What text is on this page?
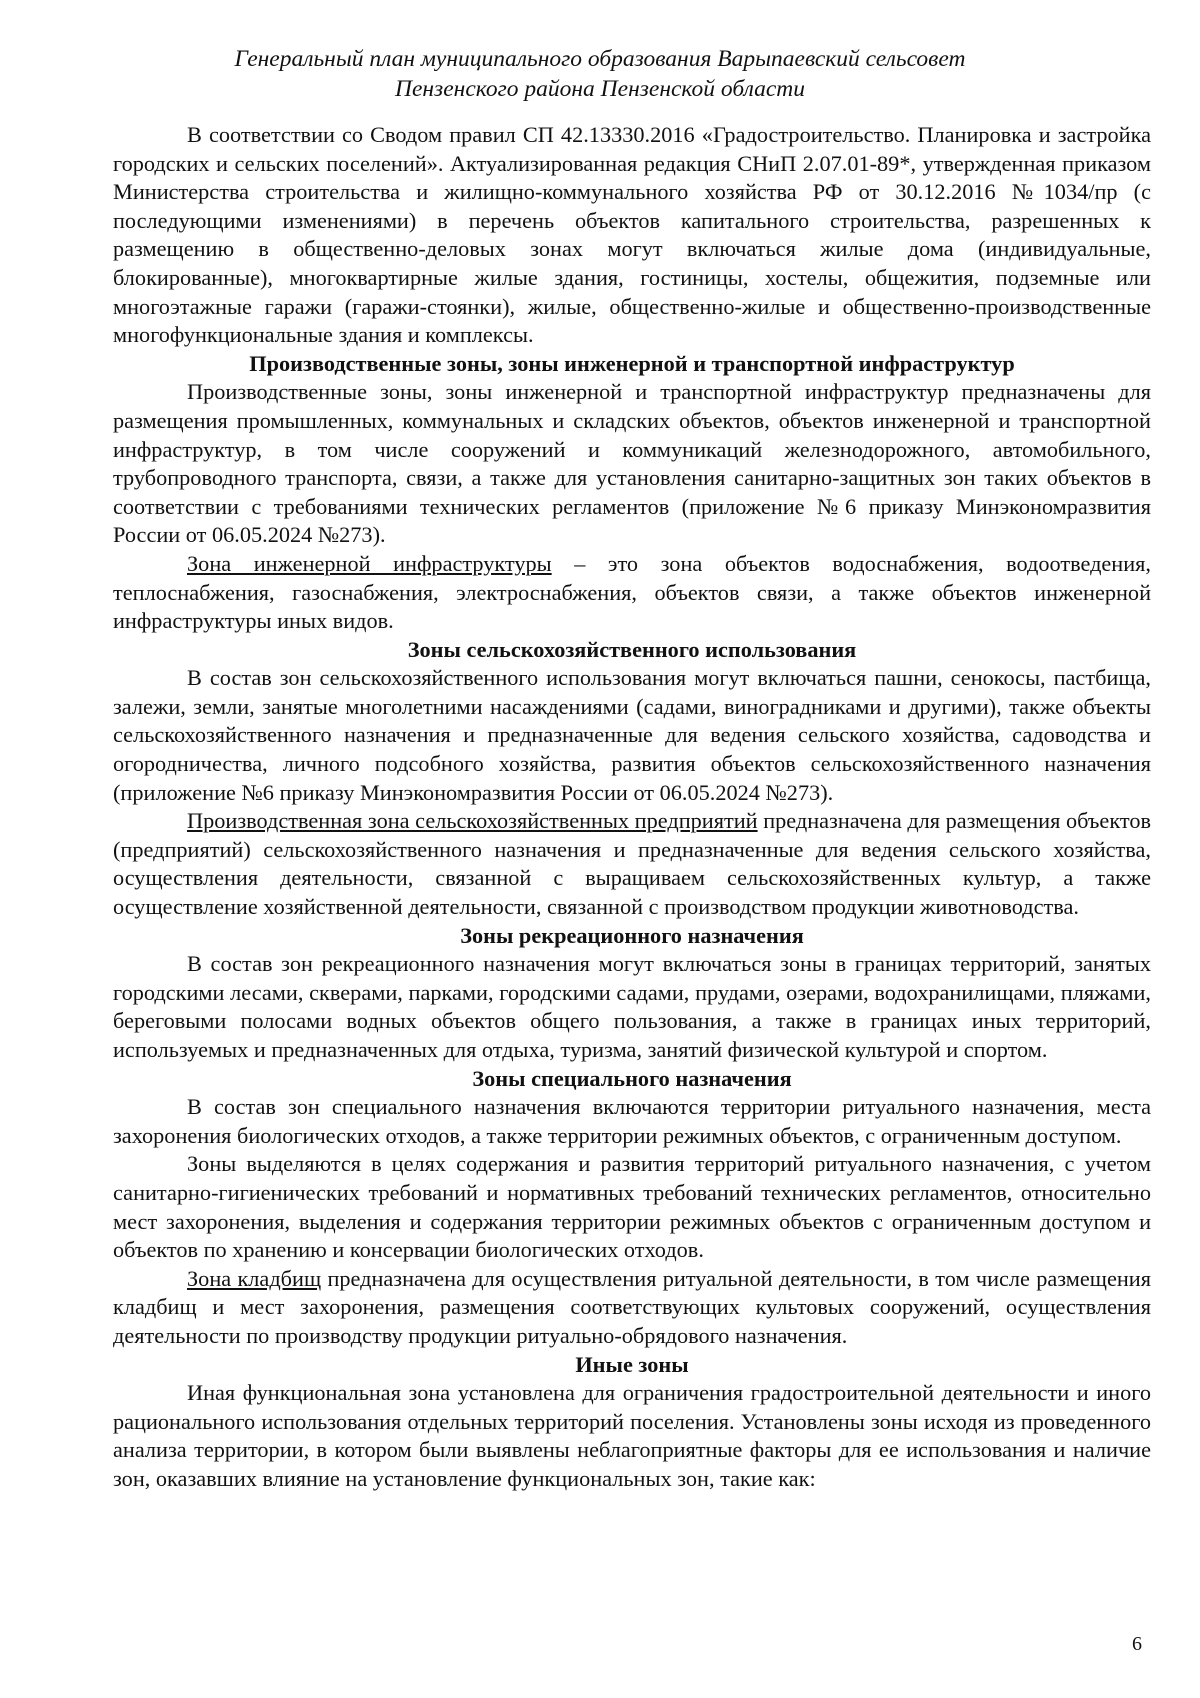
Генеральный план муниципального образования Варыпаевский сельсовет
Пензенского района Пензенской области

В соответствии со Сводом правил СП 42.13330.2016 «Градостроительство. Планировка и застройка городских и сельских поселений». Актуализированная редакция СНиП 2.07.01-89*, утвержденная приказом Министерства строительства и жилищно-коммунального хозяйства РФ от 30.12.2016 №1034/пр (с последующими изменениями) в перечень объектов капитального строительства, разрешенных к размещению в общественно-деловых зонах могут включаться жилые дома (индивидуальные, блокированные), многоквартирные жилые здания, гостиницы, хостелы, общежития, подземные или многоэтажные гаражи (гаражи-стоянки), жилые, общественно-жилые и общественно-производственные многофункциональные здания и комплексы.

Производственные зоны, зоны инженерной и транспортной инфраструктур

Производственные зоны, зоны инженерной и транспортной инфраструктур предназначены для размещения промышленных, коммунальных и складских объектов, объектов инженерной и транспортной инфраструктур, в том числе сооружений и коммуникаций железнодорожного, автомобильного, трубопроводного транспорта, связи, а также для установления санитарно-защитных зон таких объектов в соответствии с требованиями технических регламентов (приложение №6 приказу Минэкономразвития России от 06.05.2024 №273).

Зона инженерной инфраструктуры – это зона объектов водоснабжения, водоотведения, теплоснабжения, газоснабжения, электроснабжения, объектов связи, а также объектов инженерной инфраструктуры иных видов.

Зоны сельскохозяйственного использования

В состав зон сельскохозяйственного использования могут включаться пашни, сенокосы, пастбища, залежи, земли, занятые многолетними насаждениями (садами, виноградниками и другими), также объекты сельскохозяйственного назначения и предназначенные для ведения сельского хозяйства, садоводства и огородничества, личного подсобного хозяйства, развития объектов сельскохозяйственного назначения (приложение №6 приказу Минэкономразвития России от 06.05.2024 №273).

Производственная зона сельскохозяйственных предприятий предназначена для размещения объектов (предприятий) сельскохозяйственного назначения и предназначенные для ведения сельского хозяйства, осуществления деятельности, связанной с выращиваем сельскохозяйственных культур, а также осуществление хозяйственной деятельности, связанной с производством продукции животноводства.

Зоны рекреационного назначения

В состав зон рекреационного назначения могут включаться зоны в границах территорий, занятых городскими лесами, скверами, парками, городскими садами, прудами, озерами, водохранилищами, пляжами, береговыми полосами водных объектов общего пользования, а также в границах иных территорий, используемых и предназначенных для отдыха, туризма, занятий физической культурой и спортом.

Зоны специального назначения

В состав зон специального назначения включаются территории ритуального назначения, места захоронения биологических отходов, а также территории режимных объектов, с ограниченным доступом.

Зоны выделяются в целях содержания и развития территорий ритуального назначения, с учетом санитарно-гигиенических требований и нормативных требований технических регламентов, относительно мест захоронения, выделения и содержания территории режимных объектов с ограниченным доступом и объектов по хранению и консервации биологических отходов.

Зона кладбищ предназначена для осуществления ритуальной деятельности, в том числе размещения кладбищ и мест захоронения, размещения соответствующих культовых сооружений, осуществления деятельности по производству продукции ритуально-обрядового назначения.

Иные зоны

Иная функциональная зона установлена для ограничения градостроительной деятельности и иного рационального использования отдельных территорий поселения. Установлены зоны исходя из проведенного анализа территории, в котором были выявлены неблагоприятные факторы для ее использования и наличие зон, оказавших влияние на установление функциональных зон, такие как:

6
